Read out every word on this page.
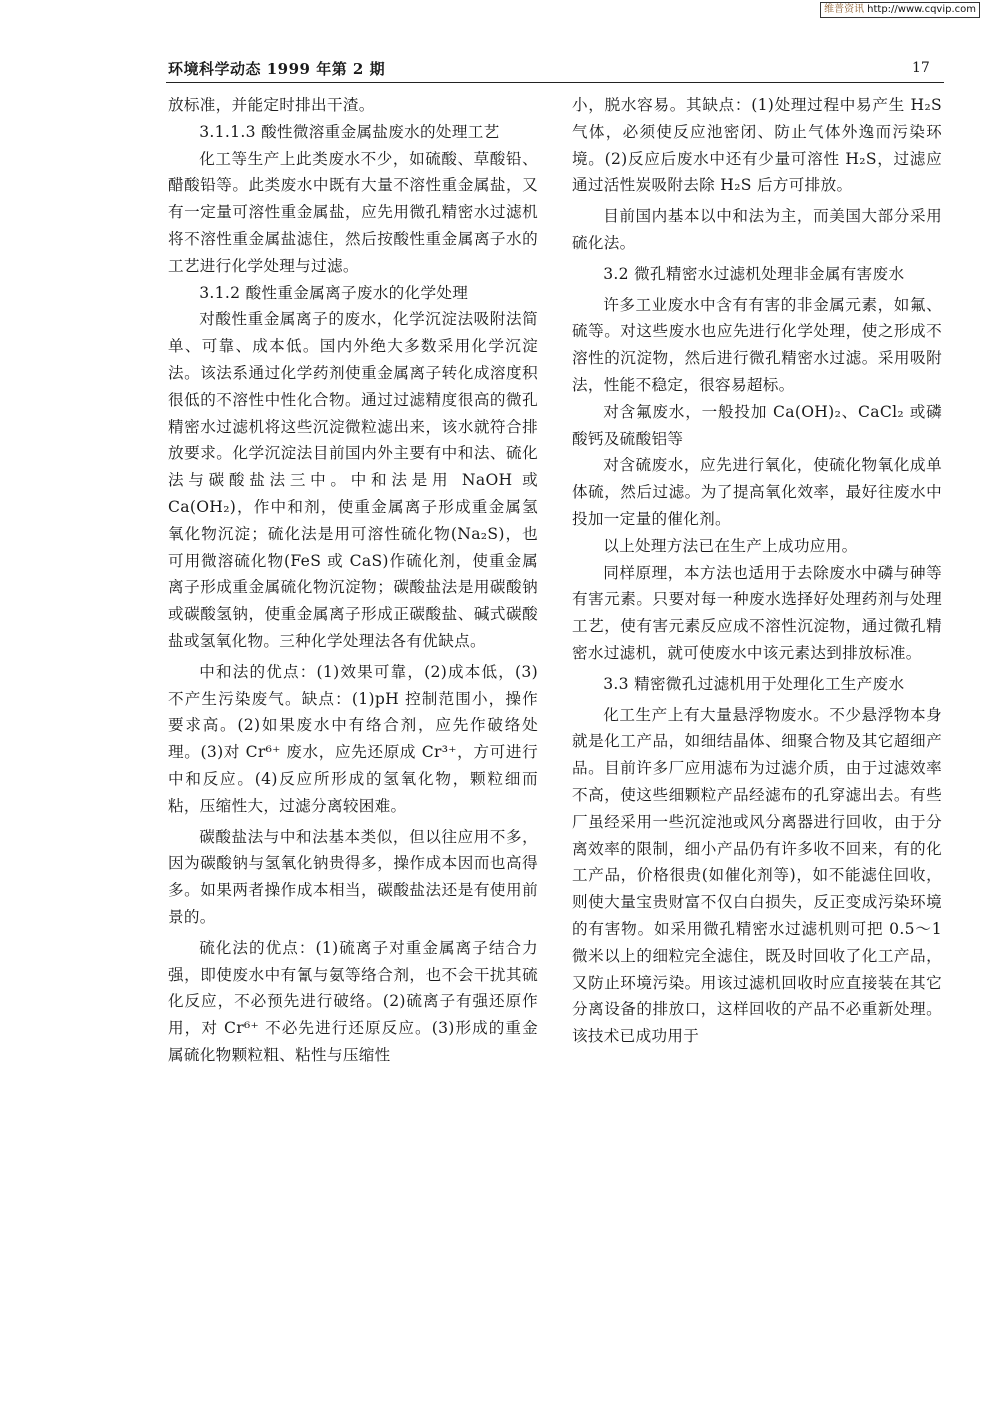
维普资讯 http://www.cqvip.com
环境科学动态 1999 年第 2 期	17

放标准，并能定时排出干渣。

3.1.1.3 酸性微溶重金属盐废水的处理工艺

化工等生产上此类废水不少，如硫酸、草酸铅、醋酸铅等。此类废水中既有大量不溶性重金属盐，又有一定量可溶性重金属盐，应先用微孔精密水过滤机将不溶性重金属盐滤住，然后按酸性重金属离子水的工艺进行化学处理与过滤。

3.1.2 酸性重金属离子废水的化学处理

对酸性重金属离子的废水，化学沉淀法吸附法简单、可靠、成本低。国内外绝大多数采用化学沉淀法。该法系通过化学药剂使重金属离子转化成溶度积很低的不溶性中性化合物。通过过滤精度很高的微孔精密水过滤机将这些沉淀微粒滤出来，该水就符合排放要求。化学沉淀法目前国内外主要有中和法、硫化法与碳酸盐法三中。中和法是用 NaOH 或 Ca(OH₂)，作中和剂，使重金属离子形成重金属氢氧化物沉淀；硫化法是用可溶性硫化物(Na₂S)，也可用微溶硫化物(FeS 或 CaS)作硫化剂，使重金属离子形成重金属硫化物沉淀物；碳酸盐法是用碳酸钠或碳酸氢钠，使重金属离子形成正碳酸盐、碱式碳酸盐或氢氧化物。三种化学处理法各有优缺点。

中和法的优点：(1)效果可靠，(2)成本低，(3)不产生污染废气。缺点：(1)pH 控制范围小，操作要求高。(2)如果废水中有络合剂，应先作破络处理。(3)对 Cr⁶⁺ 废水，应先还原成 Cr³⁺，方可进行中和反应。(4)反应所形成的氢氧化物，颗粒细而粘，压缩性大，过滤分离较困难。

碳酸盐法与中和法基本类似，但以往应用不多，因为碳酸钠与氢氧化钠贵得多，操作成本因而也高得多。如果两者操作成本相当，碳酸盐法还是有使用前景的。

硫化法的优点：(1)硫离子对重金属离子结合力强，即使废水中有氰与氨等络合剂，也不会干扰其硫化反应，不必预先进行破络。(2)硫离子有强还原作用，对 Cr⁶⁺ 不必先进行还原反应。(3)形成的重金属硫化物颗粒粗、粘性与压缩性

小，脱水容易。其缺点：(1)处理过程中易产生 H₂S 气体，必须使反应池密闭、防止气体外逸而污染环境。(2)反应后废水中还有少量可溶性 H₂S，过滤应通过活性炭吸附去除 H₂S 后方可排放。

目前国内基本以中和法为主，而美国大部分采用硫化法。

3.2 微孔精密水过滤机处理非金属有害废水

许多工业废水中含有有害的非金属元素，如氟、硫等。对这些废水也应先进行化学处理，使之形成不溶性的沉淀物，然后进行微孔精密水过滤。采用吸附法，性能不稳定，很容易超标。

对含氟废水，一般投加 Ca(OH)₂、CaCl₂ 或磷酸钙及硫酸铝等

对含硫废水，应先进行氧化，使硫化物氧化成单体硫，然后过滤。为了提高氧化效率，最好往废水中投加一定量的催化剂。

以上处理方法已在生产上成功应用。

同样原理，本方法也适用于去除废水中磷与砷等有害元素。只要对每一种废水选择好处理药剂与处理工艺，使有害元素反应成不溶性沉淀物，通过微孔精密水过滤机，就可使废水中该元素达到排放标准。

3.3 精密微孔过滤机用于处理化工生产废水

化工生产上有大量悬浮物废水。不少悬浮物本身就是化工产品，如细结晶体、细聚合物及其它超细产品。目前许多厂应用滤布为过滤介质，由于过滤效率不高，使这些细颗粒产品经滤布的孔穿滤出去。有些厂虽经采用一些沉淀池或风分离器进行回收，由于分离效率的限制，细小产品仍有许多收不回来，有的化工产品，价格很贵(如催化剂等)，如不能滤住回收，则使大量宝贵财富不仅白白损失，反正变成污染环境的有害物。如采用微孔精密水过滤机则可把 0.5～1 微米以上的细粒完全滤住，既及时回收了化工产品，又防止环境污染。用该过滤机回收时应直接装在其它分离设备的排放口，这样回收的产品不必重新处理。该技术已成功用于
